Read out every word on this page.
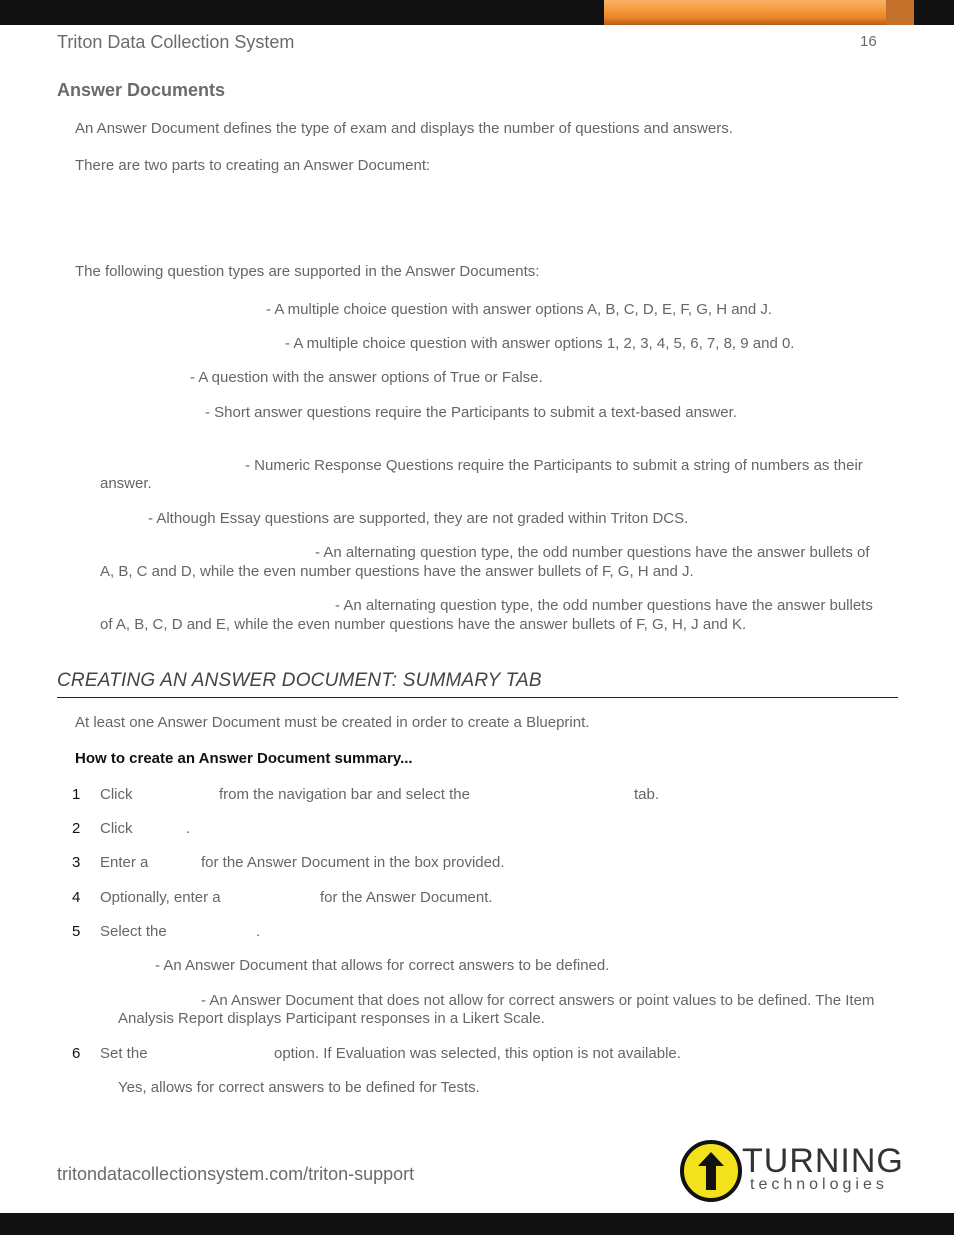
Triton Data Collection System	16
Answer Documents
An Answer Document defines the type of exam and displays the number of questions and answers.
There are two parts to creating an Answer Document:
The following question types are supported in the Answer Documents:
- A multiple choice question with answer options A, B, C, D, E, F, G, H and J.
- A multiple choice question with answer options 1, 2, 3, 4, 5, 6, 7, 8, 9 and 0.
- A question with the answer options of True or False.
- Short answer questions require the Participants to submit a text-based answer.
- Numeric Response Questions require the Participants to submit a string of numbers as their
answer.
- Although Essay questions are supported, they are not graded within Triton DCS.
- An alternating question type, the odd number questions have the answer bullets of
A, B, C and D, while the even number questions have the answer bullets of F, G, H and J.
- An alternating question type, the odd number questions have the answer bullets
of A, B, C, D and E, while the even number questions have the answer bullets of F, G, H, J and K.
CREATING AN ANSWER DOCUMENT: SUMMARY TAB
At least one Answer Document must be created in order to create a Blueprint.
How to create an Answer Document summary...
1 Click	from the navigation bar and select the	tab.
2 Click	.
3 Enter a	for the Answer Document in the box provided.
4 Optionally, enter a	for the Answer Document.
5 Select the	.
- An Answer Document that allows for correct answers to be defined.
- An Answer Document that does not allow for correct answers or point values to be defined. The Item
Analysis Report displays Participant responses in a Likert Scale.
6 Set the	option. If Evaluation was selected, this option is not available.
Yes, allows for correct answers to be defined for Tests.
tritondatacollectionsystem.com/triton-support	TURNING
technologies
